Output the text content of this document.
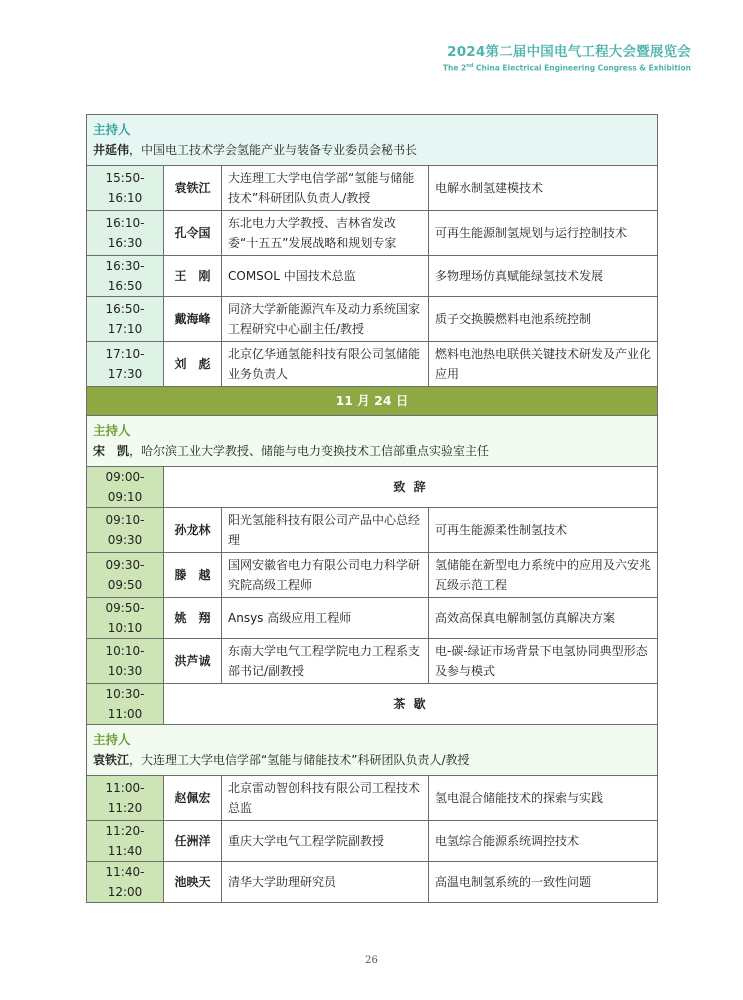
2024第二届中国电气工程大会暨展览会
The 2nd China Electrical Engineering Congress & Exhibition
主持人
井延伟，中国电工技术学会氢能产业与装备专业委员会秘书长			

15:50-16:10	袁铁江	大连理工大学电信学部“氢能与储能技术”科研团队负责人/教授	电解水制氢建模技术
16:10-16:30	孔令国	东北电力大学教授、吉林省发改委“十五五”发展战略和规划专家	可再生能源制氢规划与运行控制技术
16:30-16:50	王　刚	COMSOL 中国技术总监	多物理场仿真赋能绿氢技术发展
16:50-17:10	戴海峰	同济大学新能源汽车及动力系统国家工程研究中心副主任/教授	质子交换膜燃料电池系统控制
17:10-17:30	刘　彪	北京亿华通氢能科技有限公司氢储能业务负责人	燃料电池热电联供关键技术研发及产业化应用
11 月 24 日			

主持人
宋　凯，哈尔滨工业大学教授、储能与电力变换技术工信部重点实验室主任			

09:00-09:10	致 辞		
09:10-09:30	孙龙林	阳光氢能科技有限公司产品中心总经理	可再生能源柔性制氢技术
09:30-09:50	滕　越	国网安徽省电力有限公司电力科学研究院高级工程师	氢储能在新型电力系统中的应用及六安兆瓦级示范工程
09:50-10:10	姚　翔	Ansys 高级应用工程师	高效高保真电解制氢仿真解决方案
10:10-10:30	洪芦诚	东南大学电气工程学院电力工程系支部书记/副教授	电-碳-绿证市场背景下电氢协同典型形态及参与模式
10:30-11:00	茶 歇		

主持人
袁铁江，大连理工大学电信学部“氢能与储能技术”科研团队负责人/教授			

11:00-11:20	赵佩宏	北京雷动智创科技有限公司工程技术总监	氢电混合储能技术的探索与实践
11:20-11:40	任洲洋	重庆大学电气工程学院副教授	电氢综合能源系统调控技术
11:40-12:00	池映天	清华大学助理研究员	高温电制氢系统的一致性问题
26
